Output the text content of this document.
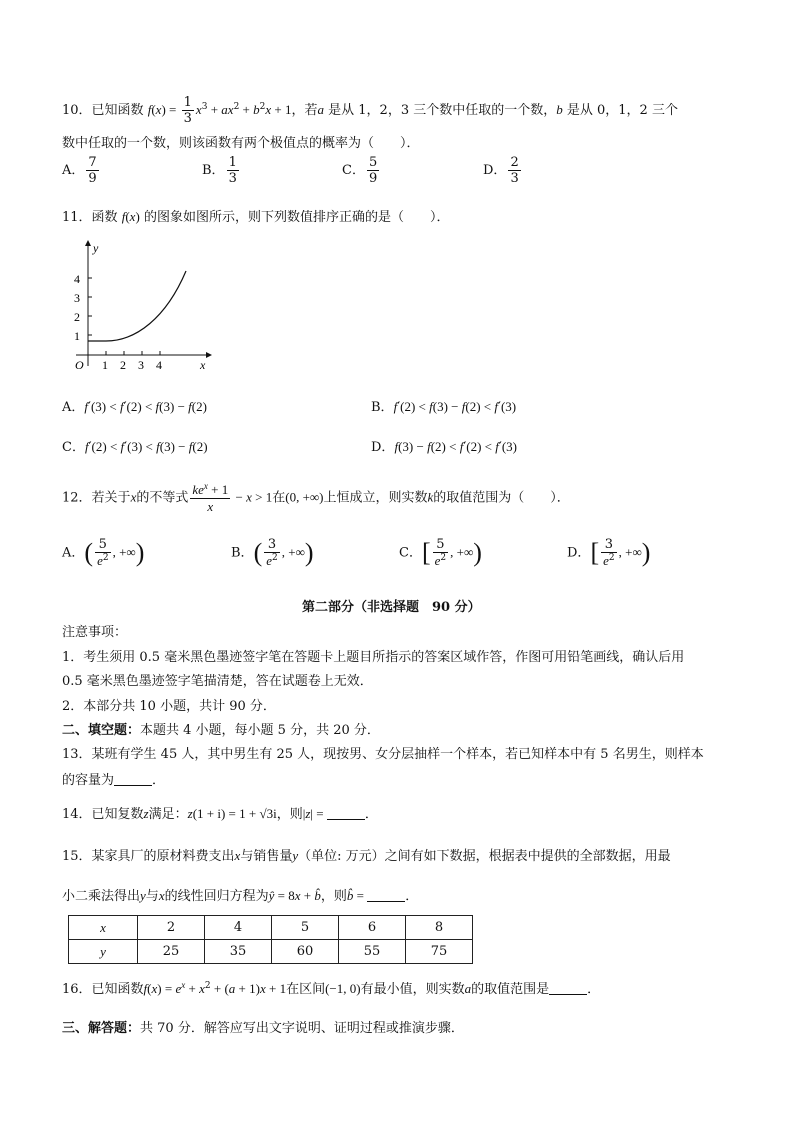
10．已知函数 $f(x) = \frac{1}{3} x^3 + ax^2 + b^2x + 1$，若a 是从 1，2，3 三个数中任取的一个数，b 是从 0，1，2 三个
数中任取的一个数，则该函数有两个极值点的概率为（　　）．
A． $\frac{7}{9}$	B． $\frac{1}{3}$	C． $\frac{5}{9}$	D． $\frac{2}{3}$
11．函数 f(x) 的图象如图所示，则下列数值排序正确的是（　　）．
4
3
2
1
1 2 3 4
O	x
y
A．f′(3) < f′(2) < f(3) − f(2)	B．f′(2) < f(3) − f(2) < f′(3)
C．f′(2) < f′(3) < f(3) − f(2)	D．f(3) − f(2) < f′(2) < f′(3)
12．若关于x的不等式 $\frac{ke^x + 1}{x} - x > 1$在(0, +∞)上恒成立，则实数k的取值范围为（　　）．
A．( $\frac{5}{e^2}$ , +∞)	B．( $\frac{3}{e^2}$ , +∞)	C．[ $\frac{5}{e^2}$ , +∞)	D．[ $\frac{3}{e^2}$ , +∞)
第二部分（非选择题　90 分）
注意事项：
1．考生须用 0.5 毫米黑色墨迹签字笔在答题卡上题目所指示的答案区域作答，作图可用铅笔画线，确认后用
0.5 毫米黑色墨迹签字笔描清楚，答在试题卷上无效．
2．本部分共 10 小题，共计 90 分．
二、填空题：本题共 4 小题，每小题 5 分，共 20 分．
13．某班有学生 45 人，其中男生有 25 人，现按男、女分层抽样一个样本，若已知样本中有 5 名男生，则样本
的容量为	．
14．已知复数z满足：z(1 + i) = 1 + √3i，则|z| =	．
15．某家具厂的原材料费支出x与销售量y（单位: 万元）之间有如下数据，根据表中提供的全部数据，用最
小二乘法得出y与x的线性回归方程为ŷ = 8x + b̂，则b̂ =	．
x	2	4	5	6	8
y	25	35	60	55	75
16．已知函数$f(x) = e^x + x^2 + (a + 1)x + 1$在区间(−1, 0)有最小值，则实数a的取值范围是	．
三、解答题：共 70 分．解答应写出文字说明、证明过程或推演步骤．
